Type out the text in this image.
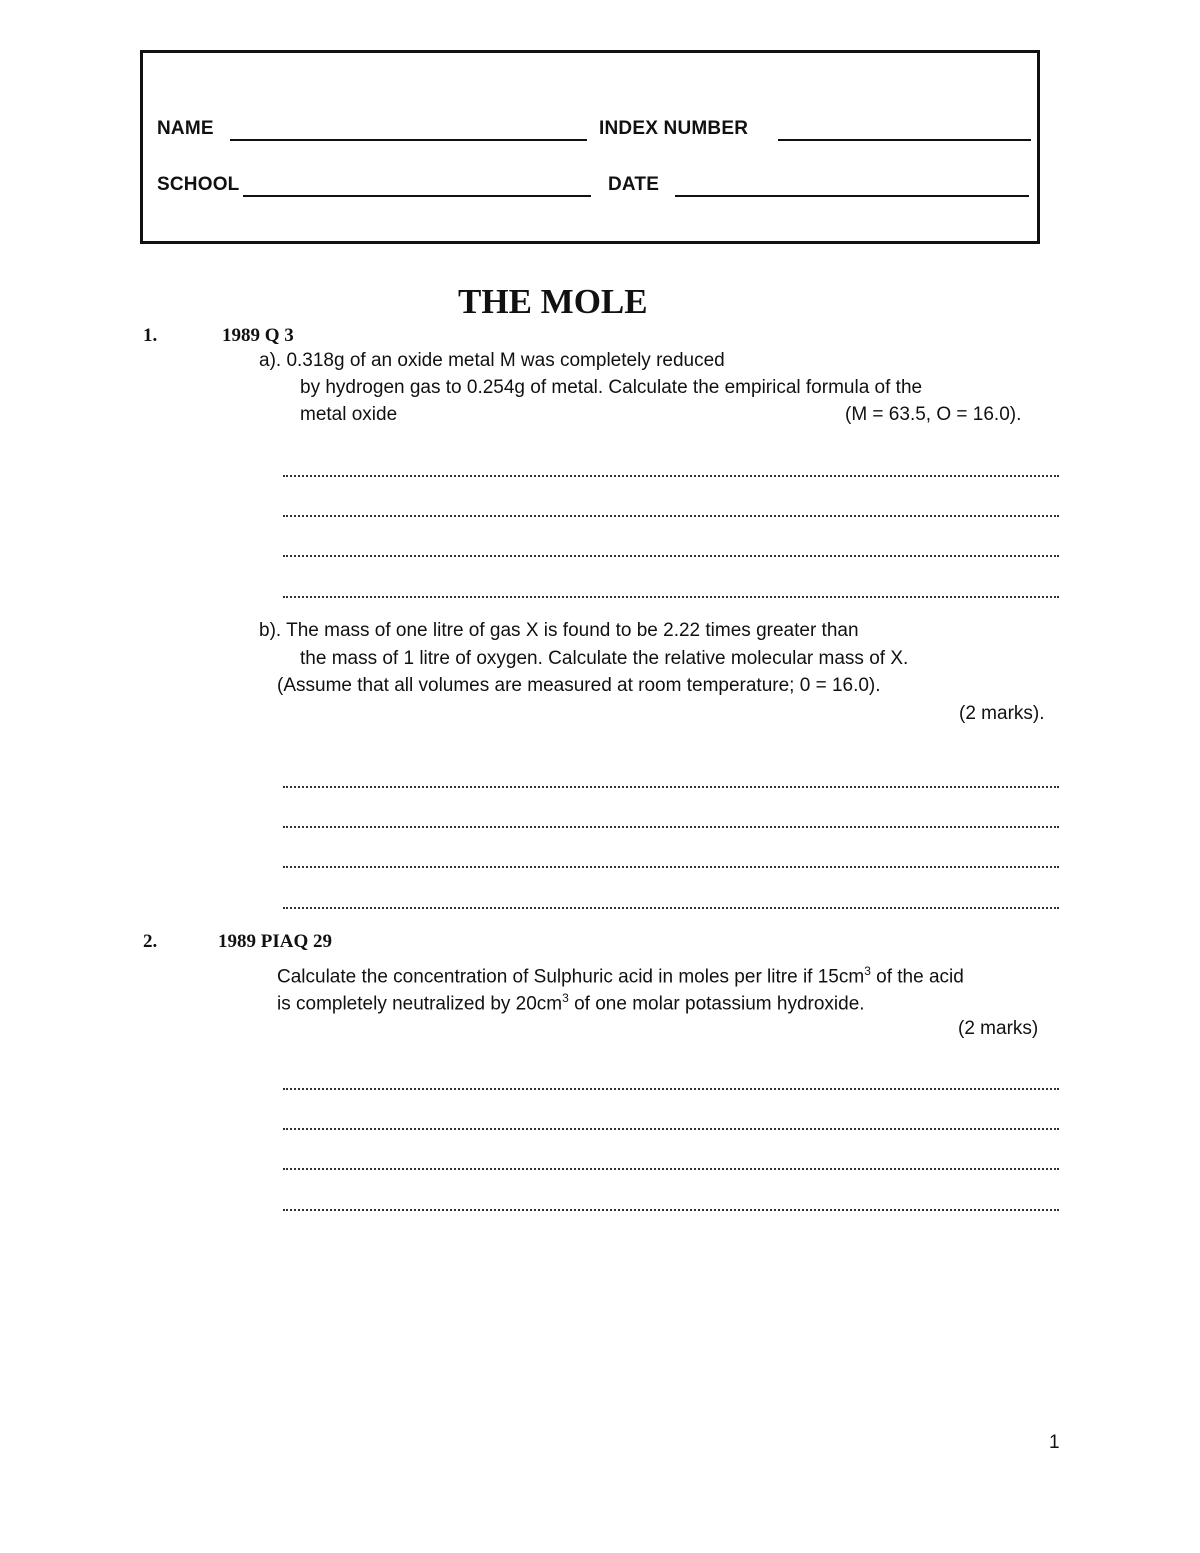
NAME	INDEX NUMBER
SCHOOL	DATE
THE MOLE
1.	1989 Q 3
a). 0.318g of an oxide metal M was completely reduced
by hydrogen gas to 0.254g of metal. Calculate the empirical formula of the
metal oxide	(M = 63.5, O = 16.0).
b). The mass of one litre of gas X is found to be 2.22 times greater than
the mass of 1 litre of oxygen. Calculate the relative molecular mass of X.
(Assume that all volumes are measured at room temperature; 0 = 16.0).
(2 marks).
2.	1989 PIAQ 29
Calculate the concentration of Sulphuric acid in moles per litre if $15cm^3$ of the acid
is completely neutralized by $20cm^3$ of one molar potassium hydroxide.
(2 marks)
1
